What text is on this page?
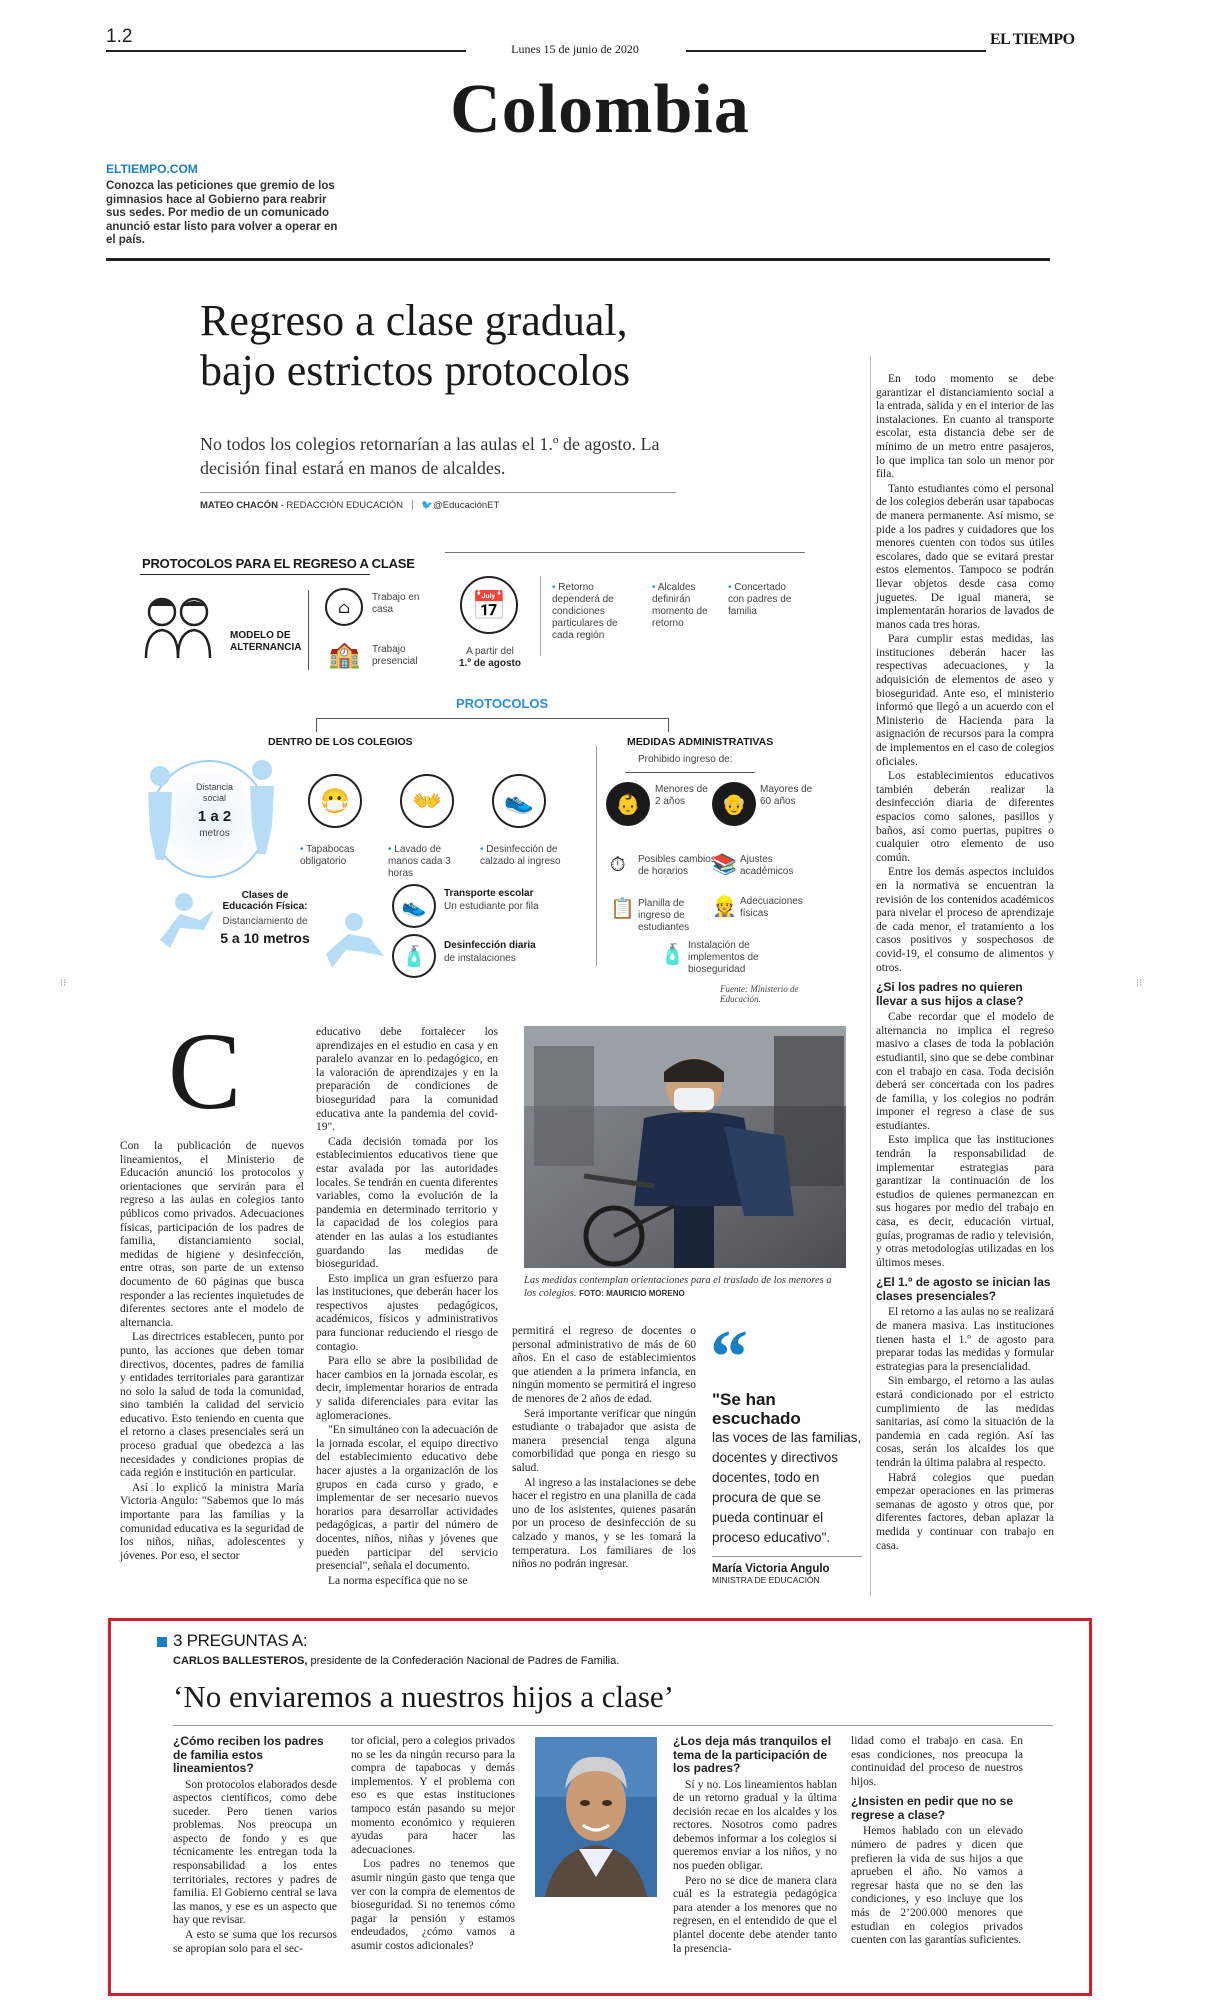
1.2
Lunes 15 de junio de 2020
EL TIEMPO
Colombia
ELTIEMPO.COM
Conozca las peticiones que gremio de los gimnasios hace al Gobierno para reabrir sus sedes. Por medio de un comunicado anunció estar listo para volver a operar en el país.
Regreso a clase gradual,
bajo estrictos protocolos
No todos los colegios retornarían a las aulas el 1.º de agosto. La decisión final estará en manos de alcaldes.
MATEO CHACÓN - REDACCIÓN EDUCACIÓN 🐦@EducaciónET
PROTOCOLOS PARA EL REGRESO A CLASE
MODELO DE ALTERNANCIA
⌂	Trabajo en casa
🏫 Trabajo presencial
📅
A partir del
1.º de agosto
• Retorno dependerá de condiciones particulares de cada región
• Alcaldes definirán momento de retorno
• Concertado con padres de familia
PROTOCOLOS
DENTRO DE LOS COLEGIOS	MEDIDAS ADMINISTRATIVAS
Distancia social
1 a 2
metros
😷
• Tapabocas obligatorio
👐
• Lavado de manos cada 3 horas
👟
• Desinfección de calzado al ingreso
Clases de Educación Física:
Distanciamiento de
5 a 10 metros
👟
Transporte escolar
Un estudiante por fila
🧴	Desinfección diaria
de instalaciones
Prohibido ingreso de:
👶
Menores de 2 años	👴
Mayores de 60 años
⏱ Posibles cambios de horarios	📚 Ajustes académicos
📋 Planilla de ingreso de estudiantes
👷 Adecuaciones físicas
🧴 Instalación de implementos de bioseguridad
Fuente: Ministerio de Educación.
C

Con la publicación de nuevos lineamientos, el Ministerio de Educación anunció los protocolos y orientaciones que servirán para el regreso a las aulas en colegios tanto públicos como privados. Adecuaciones físicas, participación de los padres de familia, distanciamiento social, medidas de higiene y desinfección, entre otras, son parte de un extenso documento de 60 páginas que busca responder a las recientes inquietudes de diferentes sectores ante el modelo de alternancia.

Las directrices establecen, punto por punto, las acciones que deben tomar directivos, docentes, padres de familia y entidades territoriales para garantizar no solo la salud de toda la comunidad, sino también la calidad del servicio educativo. Esto teniendo en cuenta que el retorno a clases presenciales será un proceso gradual que obedezca a las necesidades y condiciones propias de cada región e institución en particular.

Así lo explicó la ministra María Victoria Angulo: "Sabemos que lo más importante para las familias y la comunidad educativa es la seguridad de los niños, niñas, adolescentes y jóvenes. Por eso, el sector

educativo debe fortalecer los aprendizajes en el estudio en casa y en paralelo avanzar en lo pedagógico, en la valoración de aprendizajes y en la preparación de condiciones de bioseguridad para la comunidad educativa ante la pandemia del covid-19".

Cada decisión tomada por los establecimientos educativos tiene que estar avalada por las autoridades locales. Se tendrán en cuenta diferentes variables, como la evolución de la pandemia en determinado territorio y la capacidad de los colegios para atender en las aulas a los estudiantes guardando las medidas de bioseguridad.

Esto implica un gran esfuerzo para las instituciones, que deberán hacer los respectivos ajustes pedagógicos, académicos, físicos y administrativos para funcionar reduciendo el riesgo de contagio.

Para ello se abre la posibilidad de hacer cambios en la jornada escolar, es decir, implementar horarios de entrada y salida diferenciales para evitar las aglomeraciones.

"En simultáneo con la adecuación de la jornada escolar, el equipo directivo del establecimiento educativo debe hacer ajustes a la organización de los grupos en cada curso y grado, e implementar de ser necesario nuevos horarios para desarrollar actividades pedagógicas, a partir del número de docentes, niños, niñas y jóvenes que pueden participar del servicio presencial", señala el documento.

La norma específica que no se

Las medidas contemplan orientaciones para el traslado de los menores a los colegios. FOTO: MAURICIO MORENO

permitirá el regreso de docentes o personal administrativo de más de 60 años. En el caso de establecimientos que atienden a la primera infancia, en ningún momento se permitirá el ingreso de menores de 2 años de edad.

Será importante verificar que ningún estudiante o trabajador que asista de manera presencial tenga alguna comorbilidad que ponga en riesgo su salud.

Al ingreso a las instalaciones se debe hacer el registro en una planilla de cada uno de los asistentes, quienes pasarán por un proceso de desinfección de su calzado y manos, y se les tomará la temperatura. Los familiares de los niños no podrán ingresar.

“
"Se han escuchado
las voces de las familias, docentes y directivos docentes, todo en procura de que se pueda continuar el proceso educativo".
María Victoria Angulo
MINISTRA DE EDUCACIÓN

En todo momento se debe garantizar el distanciamiento social a la entrada, salida y en el interior de las instalaciones. En cuanto al transporte escolar, esta distancia debe ser de mínimo de un metro entre pasajeros, lo que implica tan solo un menor por fila.

Tanto estudiantes como el personal de los colegios deberán usar tapabocas de manera permanente. Así mismo, se pide a los padres y cuidadores que los menores cuenten con todos sus útiles escolares, dado que se evitará prestar estos elementos. Tampoco se podrán llevar objetos desde casa como juguetes. De igual manera, se implementarán horarios de lavados de manos cada tres horas.

Para cumplir estas medidas, las instituciones deberán hacer las respectivas adecuaciones, y la adquisición de elementos de aseo y bioseguridad. Ante eso, el ministerio informó que llegó a un acuerdo con el Ministerio de Hacienda para la asignación de recursos para la compra de implementos en el caso de colegios oficiales.

Los establecimientos educativos también deberán realizar la desinfección diaria de diferentes espacios como salones, pasillos y baños, así como puertas, pupitres o cualquier otro elemento de uso común.

Entre los demás aspectos incluidos en la normativa se encuentran la revisión de los contenidos académicos para nivelar el proceso de aprendizaje de cada menor, el tratamiento a los casos positivos y sospechosos de covid-19, el consumo de alimentos y otros.

¿Si los padres no quieren llevar a sus hijos a clase?

Cabe recordar que el modelo de alternancia no implica el regreso masivo a clases de toda la población estudiantil, sino que se debe combinar con el trabajo en casa. Toda decisión deberá ser concertada con los padres de familia, y los colegios no podrán imponer el regreso a clase de sus estudiantes.

Esto implica que las instituciones tendrán la responsabilidad de implementar estrategias para garantizar la continuación de los estudios de quienes permanezcan en sus hogares por medio del trabajo en casa, es decir, educación virtual, guías, programas de radio y televisión, y otras metodologías utilizadas en los últimos meses.

¿El 1.º de agosto se inician las clases presenciales?

El retorno a las aulas no se realizará de manera masiva. Las instituciones tienen hasta el 1.º de agosto para preparar todas las medidas y formular estrategias para la presencialidad.

Sin embargo, el retorno a las aulas estará condicionado por el estricto cumplimiento de las medidas sanitarias, así como la situación de la pandemia en cada región. Así las cosas, serán los alcaldes los que tendrán la última palabra al respecto.

Habrá colegios que puedan empezar operaciones en las primeras semanas de agosto y otros que, por diferentes factores, deban aplazar la medida y continuar con trabajo en casa.

⁝⁝	⁝⁝
3 PREGUNTAS A:
CARLOS BALLESTEROS, presidente de la Confederación Nacional de Padres de Familia.
‘No enviaremos a nuestros hijos a clase’
¿Cómo reciben los padres de familia estos lineamientos?

Son protocolos elaborados desde aspectos científicos, como debe suceder. Pero tienen varios problemas. Nos preocupa un aspecto de fondo y es que técnicamente les entregan toda la responsabilidad a los entes territoriales, rectores y padres de familia. El Gobierno central se lava las manos, y ese es un aspecto que hay que revisar.

A esto se suma que los recursos se apropian solo para el sec-

tor oficial, pero a colegios privados no se les da ningún recurso para la compra de tapabocas y demás implementos. Y el problema con eso es que estas instituciones tampoco están pasando su mejor momento económico y requieren ayudas para hacer las adecuaciones.

Los padres no tenemos que asumir ningún gasto que tenga que ver con la compra de elementos de bioseguridad. Si no tenemos cómo pagar la pensión y estamos endeudados, ¿cómo vamos a asumir costos adicionales?

¿Los deja más tranquilos el tema de la participación de los padres?

Sí y no. Los lineamientos hablan de un retorno gradual y la última decisión recae en los alcaldes y los rectores. Nosotros como padres debemos informar a los colegios si queremos enviar a los niños, y no nos pueden obligar.

Pero no se dice de manera clara cuál es la estrategia pedagógica para atender a los menores que no regresen, en el entendido de que el plantel docente debe atender tanto la presencia-

lidad como el trabajo en casa. En esas condiciones, nos preocupa la continuidad del proceso de nuestros hijos.

¿Insisten en pedir que no se regrese a clase?

Hemos hablado con un elevado número de padres y dicen que prefieren la vida de sus hijos a que aprueben el año. No vamos a regresar hasta que no se den las condiciones, y eso incluye que los más de 2’200.000 menores que estudian en colegios privados cuenten con las garantías suficientes.
